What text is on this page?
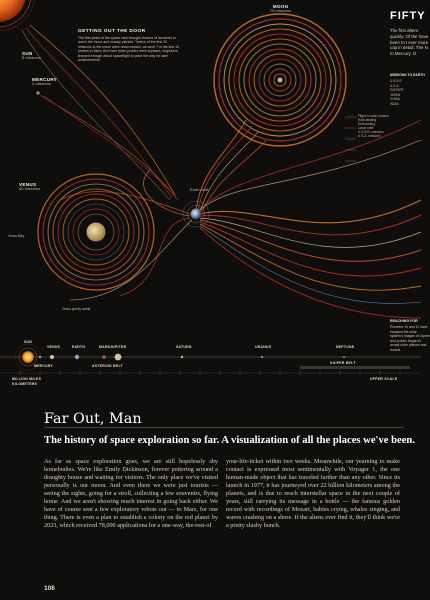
MOON
75 missions
SUN
8 missions
MERCURY
2 missions
VENUS
40 missions	Earth orbit
GETTING OUT THE DOOR
The first years of the space race brought dozens of launches to reach the moon and nearby planets. Twelve of the first 20 missions to the moon were unsuccessful, as were 7 of the first 10 probes to Mars. But even when probes went skyward, engineers learned enough about spaceflight to pave the way for later achievements.
Venus flyby
Venus gravity assist
Flight to lunar surface
Hard landing
Soft landing
Lunar orbit
U.S.S.R. missions
U.S.A. missions
FIFTY
The first aftem quickly. Of the have been to t ever more cap in detail. The N to Mercury. O
MISSIONS TO EARTH
U.S.S.R.
U.S.A.
EUROPE
JAPAN
CHINA
INDIA
REACHING FOR
Pioneers 10 and 11 have escaped the solar system's images of Jupiter and probes began to reveal outer planets and moons.
SUN
MERCURY
VENUS	EARTH	MARS
ASTEROID BELT
JUPITER	SATURN	URANUS	NEPTUNE
KUIPER BELT
MILLION MILES
KILOMETERS
UPPER SCALE
Far Out, Man
The history of space exploration so far. A visualization of all the places we've been.
As far as space exploration goes, we are still hopelessly shy homebodies. We're like Emily Dickinson, forever pottering around a draughty house and waiting for visitors. The only place we've visited personally is our moon. And even there we were just tourists — seeing the sights, going for a stroll, collecting a few souvenirs, flying home. And we aren't showing much interest in going back either. We have of course sent a few exploratory robots out — to Mars, for one thing. There is even a plan to establish a colony on the red planet by 2023, which received 78,000 applications for a one-way, the-rest-of
your-life-ticket within two weeks. Meanwhile, our yearning to make contact is expressed most sentimentally with Voyager 1, the one human-made object that has traveled farther than any other. Since its launch in 1977, it has journeyed over 22 billion kilometers among the planets, and is due to reach interstellar space in the next couple of years, still carrying its message in a bottle — the famous golden record with recordings of Mozart, babies crying, whales singing, and waves crashing on a shore. If the aliens ever find it, they'll think we're a pretty slushy bunch.
106
